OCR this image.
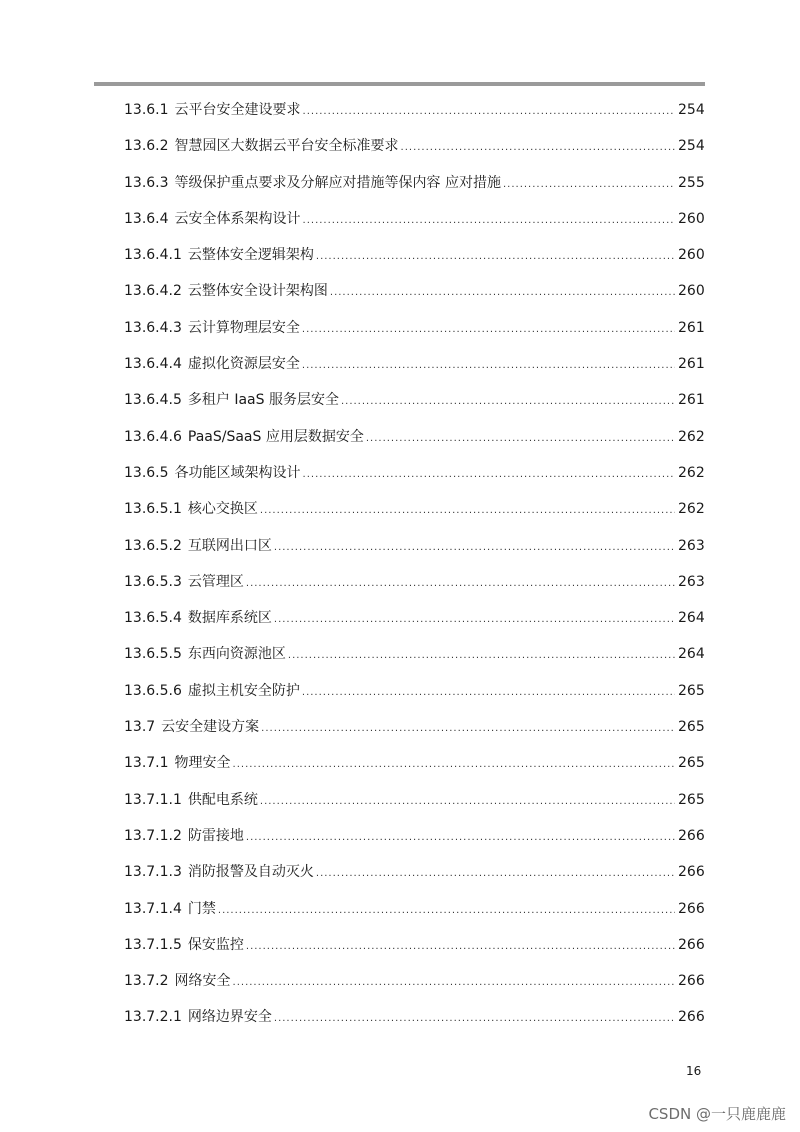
13.6.1 云平台安全建设要求 .....	254
13.6.2 智慧园区大数据云平台安全标准要求 .....	254
13.6.3 等级保护重点要求及分解应对措施等保内容 应对措施 .....	255
13.6.4 云安全体系架构设计 .....	260
13.6.4.1 云整体安全逻辑架构 .....	260
13.6.4.2 云整体安全设计架构图 .....	260
13.6.4.3 云计算物理层安全 .....	261
13.6.4.4 虚拟化资源层安全 .....	261
13.6.4.5 多租户 IaaS 服务层安全 .....	261
13.6.4.6 PaaS/SaaS 应用层数据安全 .....	262
13.6.5 各功能区域架构设计 .....	262
13.6.5.1 核心交换区 .....	262
13.6.5.2 互联网出口区 .....	263
13.6.5.3 云管理区 .....	263
13.6.5.4 数据库系统区 .....	264
13.6.5.5 东西向资源池区 .....	264
13.6.5.6 虚拟主机安全防护 .....	265
13.7 云安全建设方案 .....	265
13.7.1 物理安全 .....	265
13.7.1.1 供配电系统 .....	265
13.7.1.2 防雷接地 .....	266
13.7.1.3 消防报警及自动灭火 .....	266
13.7.1.4 门禁 .....	266
13.7.1.5 保安监控 .....	266
13.7.2 网络安全 .....	266
13.7.2.1 网络边界安全 .....	266
16
CSDN @一只鹿鹿鹿
